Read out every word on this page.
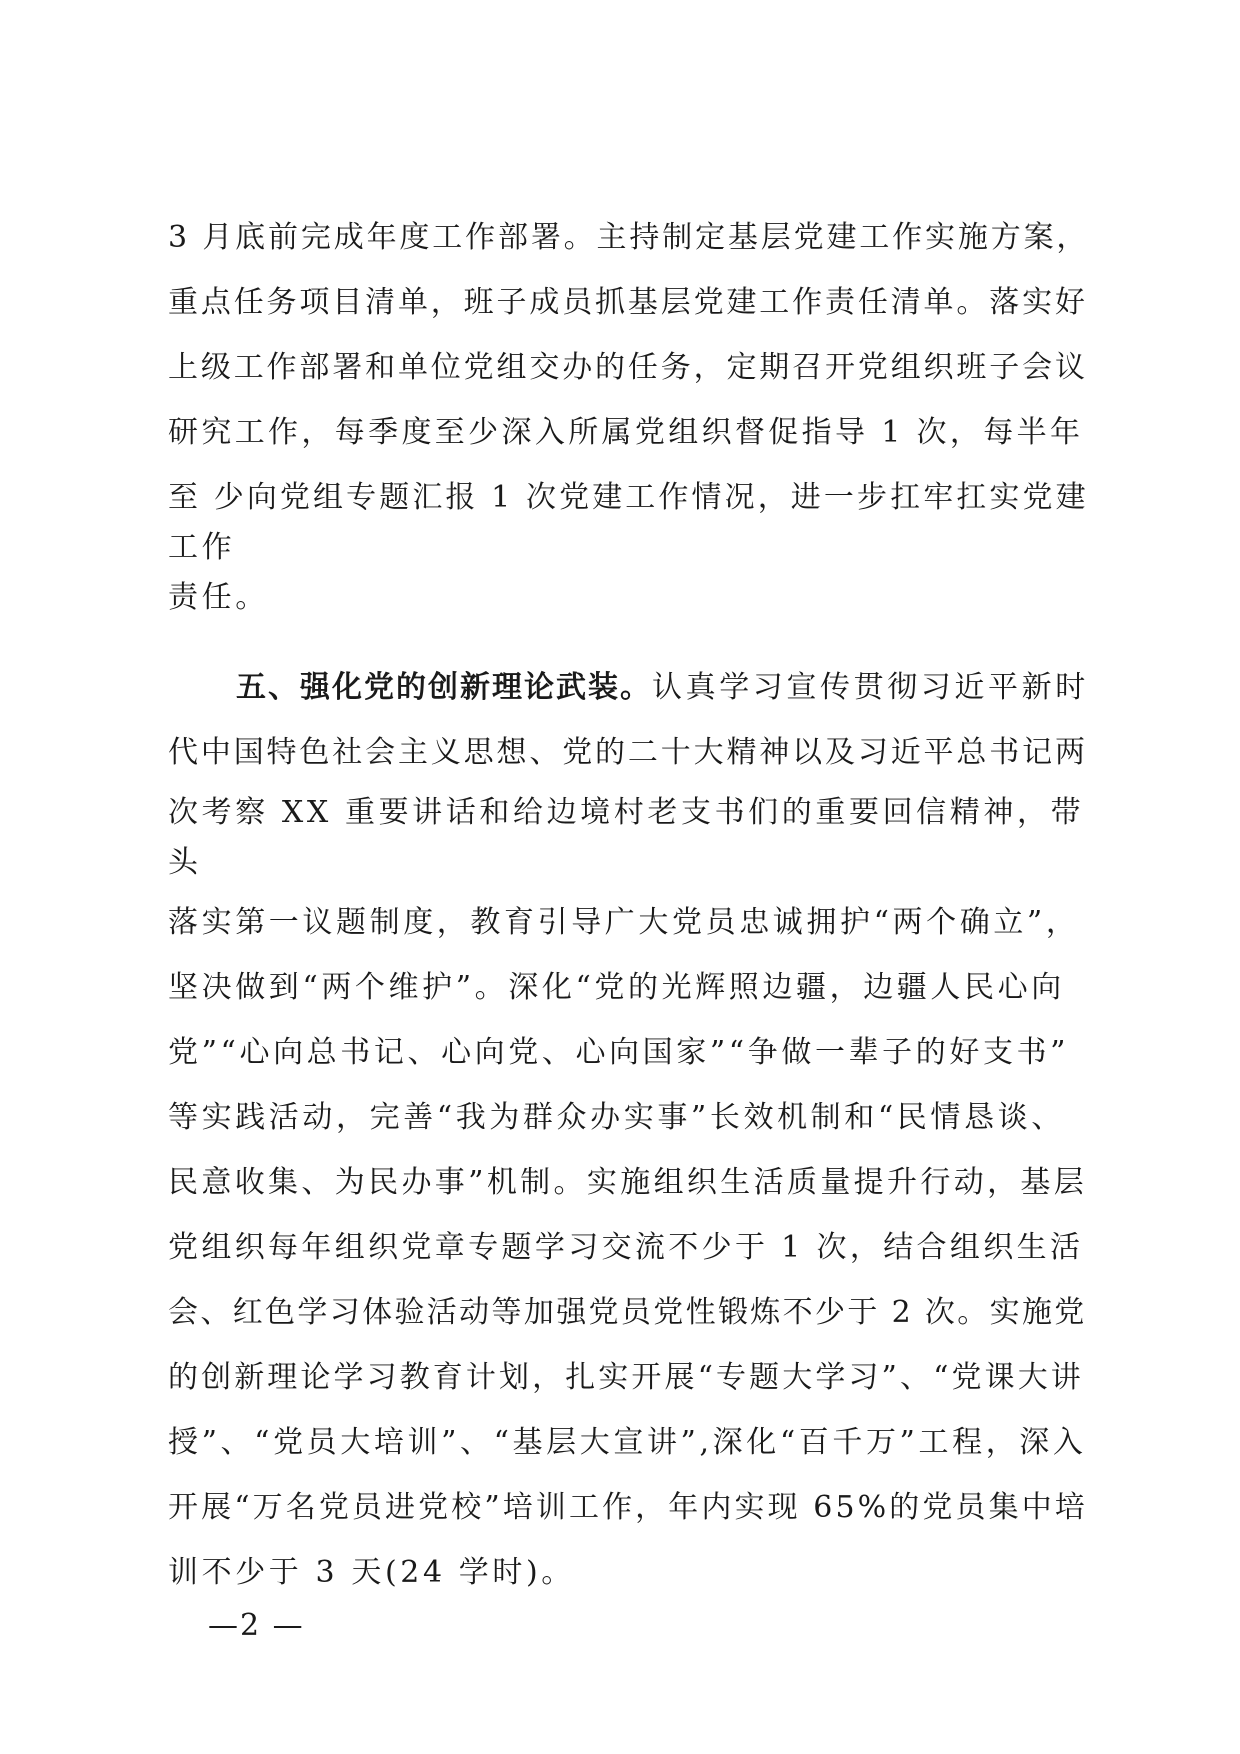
3 月底前完成年度工作部署。主持制定基层党建工作实施方案，

重点任务项目清单，班子成员抓基层党建工作责任清单。落实好

上级工作部署和单位党组交办的任务，定期召开党组织班子会议

研究工作，每季度至少深入所属党组织督促指导 1 次，每半年

至 少向党组专题汇报 1 次党建工作情况，进一步扛牢扛实党建

工作

责任。

五、强化党的创新理论武装。认真学习宣传贯彻习近平新时

代中国特色社会主义思想、党的二十大精神以及习近平总书记两

次考察 XX 重要讲话和给边境村老支书们的重要回信精神，带

头

落实第一议题制度，教育引导广大党员忠诚拥护“两个确立”，

坚决做到“两个维护”。深化“党的光辉照边疆，边疆人民心向

党”“心向总书记、心向党、心向国家”“争做一辈子的好支书”

等实践活动，完善“我为群众办实事”长效机制和“民情恳谈、

民意收集、为民办事”机制。实施组织生活质量提升行动，基层

党组织每年组织党章专题学习交流不少于 1 次，结合组织生活

会、红色学习体验活动等加强党员党性锻炼不少于 2 次。实施党

的创新理论学习教育计划，扎实开展“专题大学习”、“党课大讲

授”、“党员大培训”、“基层大宣讲”,深化“百千万”工程，深入

开展“万名党员进党校”培训工作，年内实现 65%的党员集中培

训不少于 3 天(24 学时)。

—2 —
